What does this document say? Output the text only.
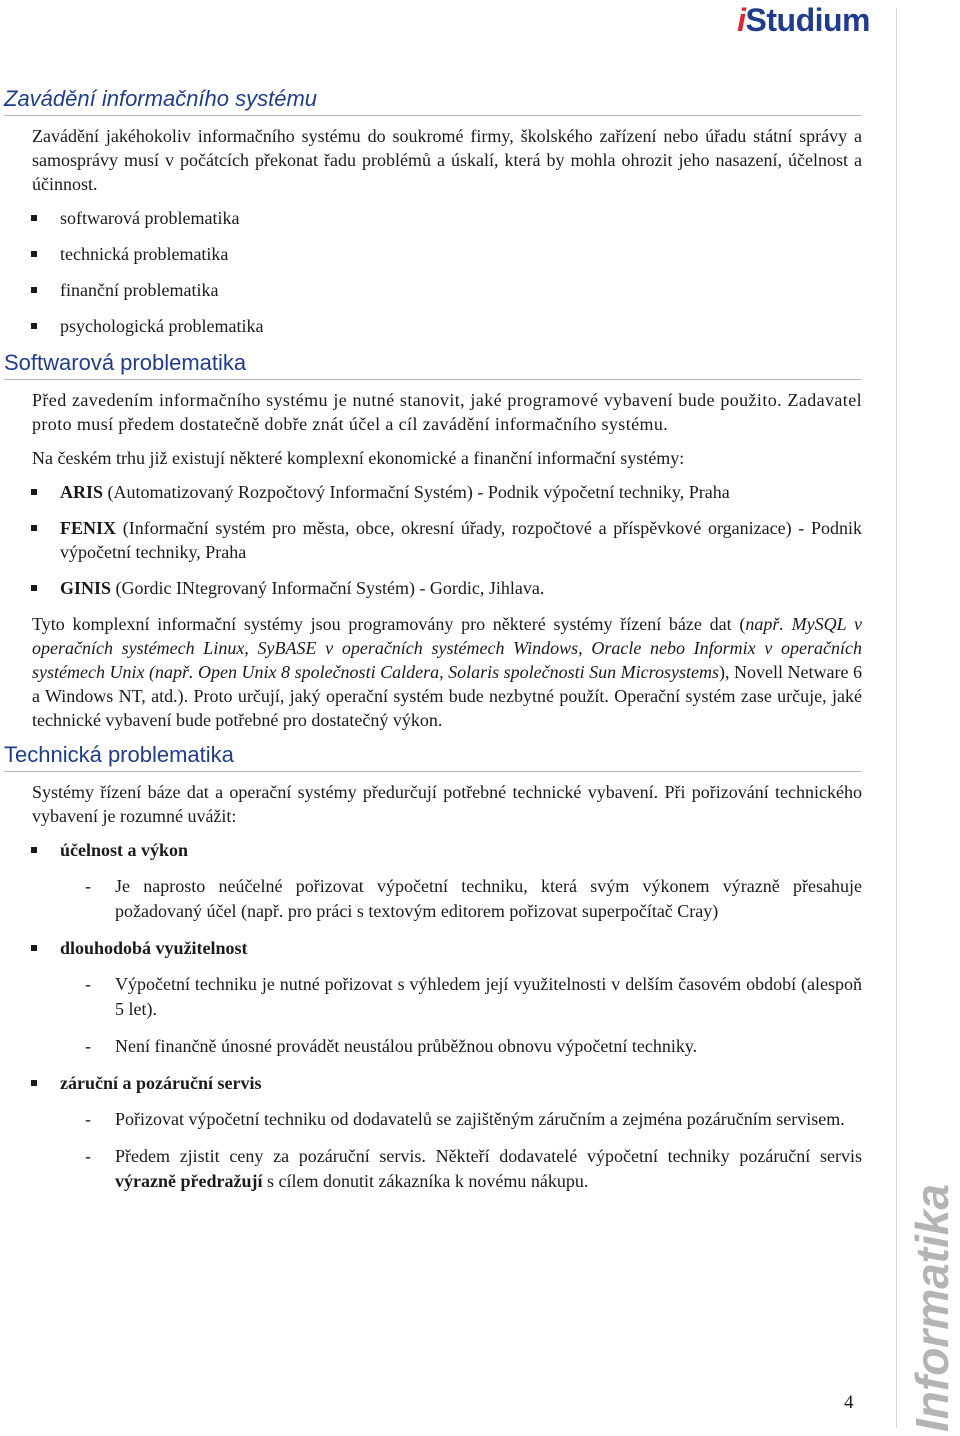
iStudium
Informatika
4
Zavádění informačního systému

Zavádění jakéhokoliv informačního systému do soukromé firmy, školského zařízení nebo úřadu státní správy a samosprávy musí v počátcích překonat řadu problémů a úskalí, která by mohla ohrozit jeho nasazení, účelnost a účinnost.

softwarová problematika
technická problematika
finanční problematika
psychologická problematika
Softwarová problematika

Před zavedením informačního systému je nutné stanovit, jaké programové vybavení bude použito. Zadavatel proto musí předem dostatečně dobře znát účel a cíl zavádění informačního systému.

Na českém trhu již existují některé komplexní ekonomické a finanční informační systémy:

ARIS (Automatizovaný Rozpočtový Informační Systém) - Podnik výpočetní techniky, Praha
FENIX (Informační systém pro města, obce, okresní úřady, rozpočtové a příspěvkové organizace) - Podnik výpočetní techniky, Praha
GINIS (Gordic INtegrovaný Informační Systém) - Gordic, Jihlava.

Tyto komplexní informační systémy jsou programovány pro některé systémy řízení báze dat (např. MySQL v operačních systémech Linux, SyBASE v operačních systémech Windows, Oracle nebo Informix v operačních systémech Unix (např. Open Unix 8 společnosti Caldera, Solaris společnosti Sun Microsystems), Novell Netware 6 a Windows NT, atd.). Proto určují, jaký operační systém bude nezbytné použít. Operační systém zase určuje, jaké technické vybavení bude potřebné pro dostatečný výkon.

Technická problematika

Systémy řízení báze dat a operační systémy předurčují potřebné technické vybavení. Při pořizování technického vybavení je rozumné uvážit:

účelnost a výkon
- Je naprosto neúčelné pořizovat výpočetní techniku, která svým výkonem výrazně přesahuje požadovaný účel (např. pro práci s textovým editorem pořizovat superpočítač Cray)
dlouhodobá využitelnost
- Výpočetní techniku je nutné pořizovat s výhledem její využitelnosti v delším časovém období (alespoň 5 let).
- Není finančně únosné provádět neustálou průběžnou obnovu výpočetní techniky.
záruční a pozáruční servis
- Pořizovat výpočetní techniku od dodavatelů se zajištěným záručním a zejména pozáručním servisem.
- Předem zjistit ceny za pozáruční servis. Někteří dodavatelé výpočetní techniky pozáruční servis výrazně předražují s cílem donutit zákazníka k novému nákupu.
